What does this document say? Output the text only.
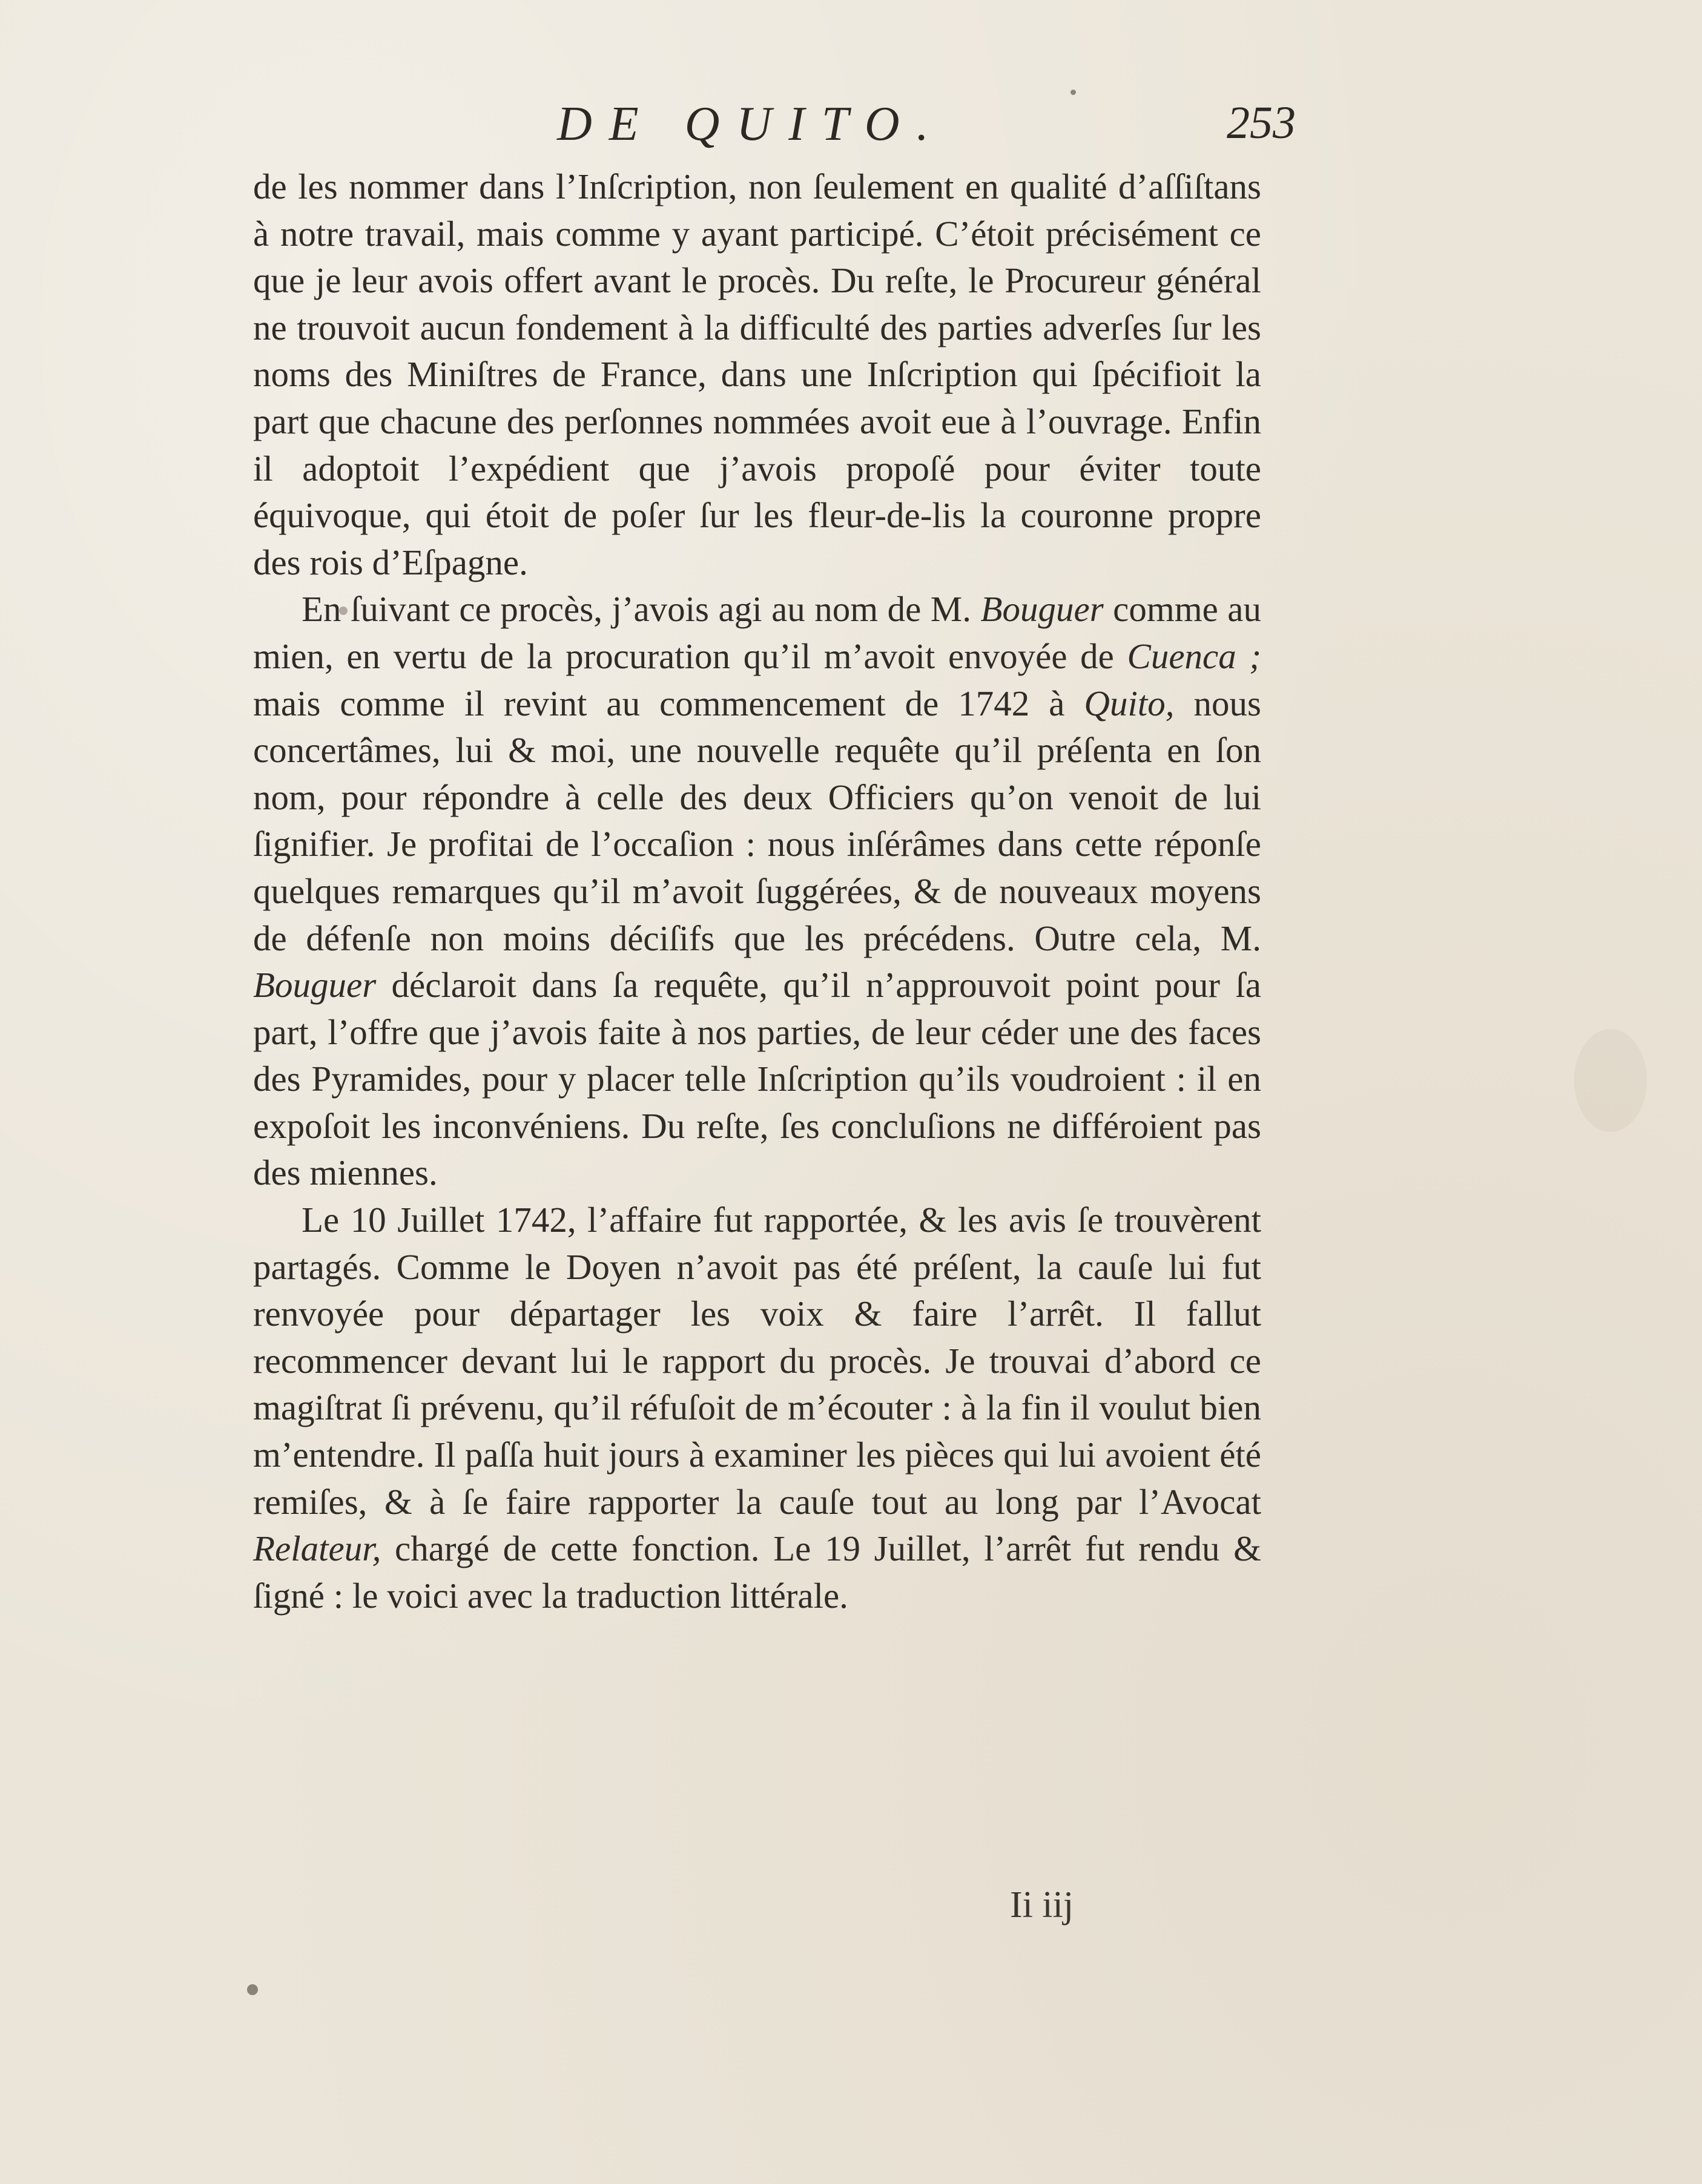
DE QUITO.	253

de les nommer dans l’Inſcription, non ſeulement en qualité d’aſſiſtans à notre travail, mais comme y ayant participé. C’étoit précisément ce que je leur avois offert avant le procès. Du reſte, le Procureur général ne trouvoit aucun fondement à la difficulté des parties adverſes ſur les noms des Miniſtres de France, dans une Inſcription qui ſpécifioit la part que chacune des perſonnes nommées avoit eue à l’ouvrage. Enfin il adoptoit l’expédient que j’avois propoſé pour éviter toute équivoque, qui étoit de poſer ſur les fleur-de-lis la couronne propre des rois d’Eſpagne.

En ſuivant ce procès, j’avois agi au nom de M. Bouguer comme au mien, en vertu de la procuration qu’il m’avoit envoyée de Cuenca ; mais comme il revint au commencement de 1742 à Quito, nous concertâmes, lui & moi, une nouvelle requête qu’il préſenta en ſon nom, pour répondre à celle des deux Officiers qu’on venoit de lui ſignifier. Je profitai de l’occaſion : nous inſérâmes dans cette réponſe quelques remarques qu’il m’avoit ſuggérées, & de nouveaux moyens de défenſe non moins déciſifs que les précédens. Outre cela, M. Bouguer déclaroit dans ſa requête, qu’il n’approuvoit point pour ſa part, l’offre que j’avois faite à nos parties, de leur céder une des faces des Pyramides, pour y placer telle Inſcription qu’ils voudroient : il en expoſoit les inconvéniens. Du reſte, ſes concluſions ne différoient pas des miennes.

Le 10 Juillet 1742, l’affaire fut rapportée, & les avis ſe trouvèrent partagés. Comme le Doyen n’avoit pas été préſent, la cauſe lui fut renvoyée pour départager les voix & faire l’arrêt. Il fallut recommencer devant lui le rapport du procès. Je trouvai d’abord ce magiſtrat ſi prévenu, qu’il réfuſoit de m’écouter : à la fin il voulut bien m’entendre. Il paſſa huit jours à examiner les pièces qui lui avoient été remiſes, & à ſe faire rapporter la cauſe tout au long par l’Avocat Relateur, chargé de cette fonction. Le 19 Juillet, l’arrêt fut rendu & ſigné : le voici avec la traduction littérale.

Ii iij
